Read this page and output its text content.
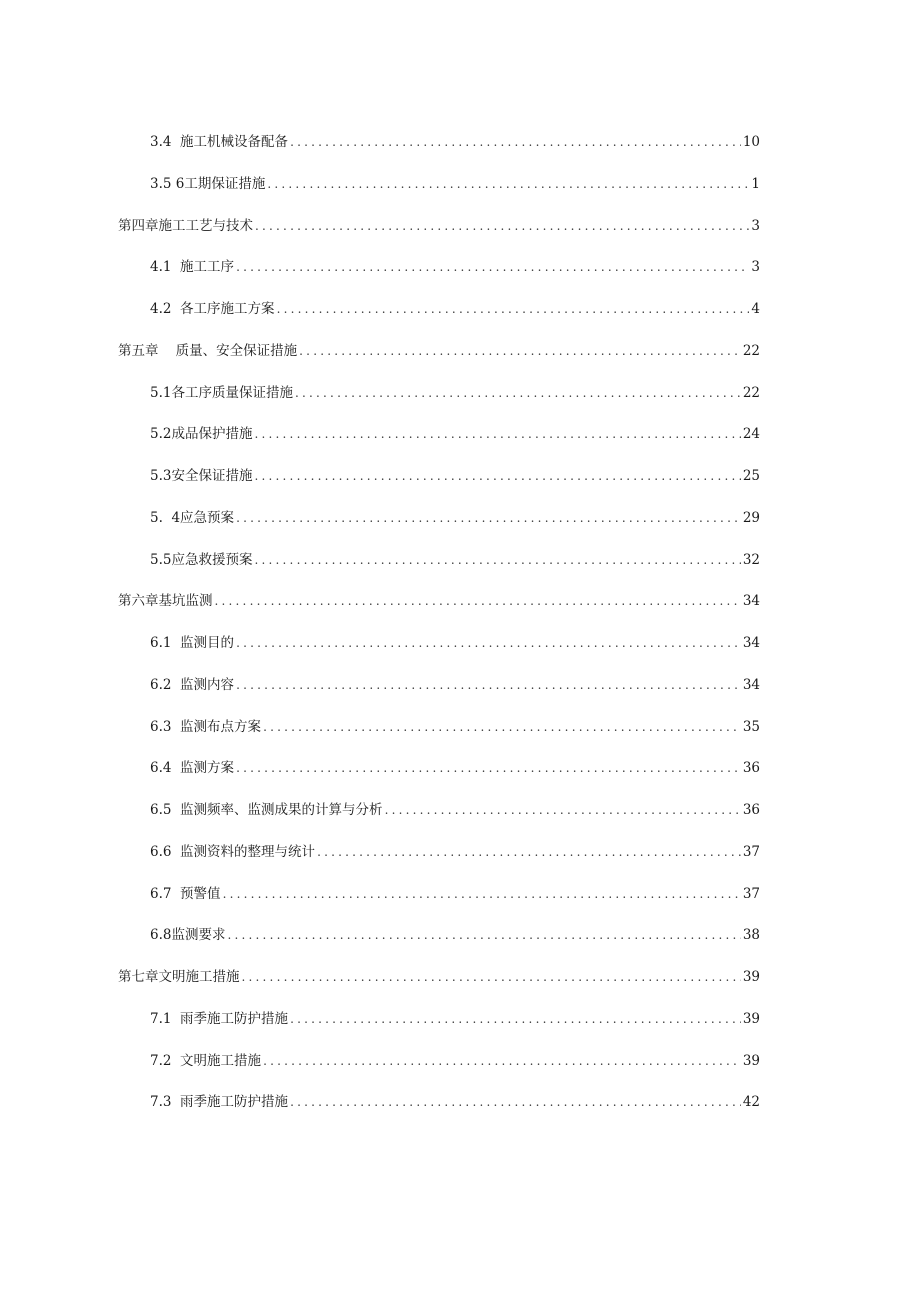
3.4  施工机械设备配备 .....	10
3.5 6工期保证措施 .....	1
第四章施工工艺与技术 .....	3
4.1  施工工序 .....	3
4.2  各工序施工方案 .....	4
第五章    质量、安全保证措施 .....	22
5.1各工序质量保证措施 .....	22
5.2成品保护措施 .....	24
5.3安全保证措施 .....	25
5.  4应急预案 .....	29
5.5应急救援预案 .....	32
第六章基坑监测 .....	34
6.1  监测目的 .....	34
6.2  监测内容 .....	34
6.3  监测布点方案 .....	35
6.4  监测方案 .....	36
6.5  监测频率、监测成果的计算与分析 .....	36
6.6  监测资料的整理与统计 .....	37
6.7  预警值 .....	37
6.8监测要求 .....	38
第七章文明施工措施 .....	39
7.1  雨季施工防护措施 .....	39
7.2  文明施工措施 .....	39
7.3  雨季施工防护措施 .....	42
